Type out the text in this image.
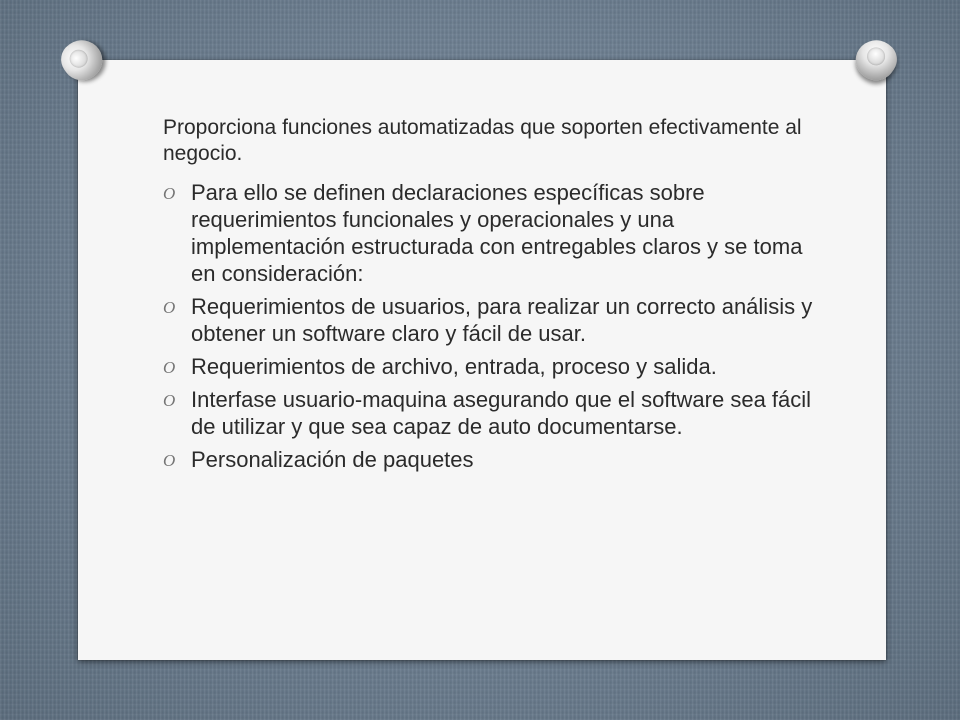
Proporciona funciones automatizadas que soporten efectivamente al negocio.

O Para ello se definen declaraciones específicas sobre requerimientos funcionales y operacionales y una implementación estructurada con entregables claros y se toma en consideración:
O Requerimientos de usuarios, para realizar un correcto análisis y obtener un software claro y fácil de usar.
O Requerimientos de archivo, entrada, proceso y salida.
O Interfase usuario-maquina asegurando que el software sea fácil de utilizar y que sea capaz de auto documentarse.
O Personalización de paquetes
